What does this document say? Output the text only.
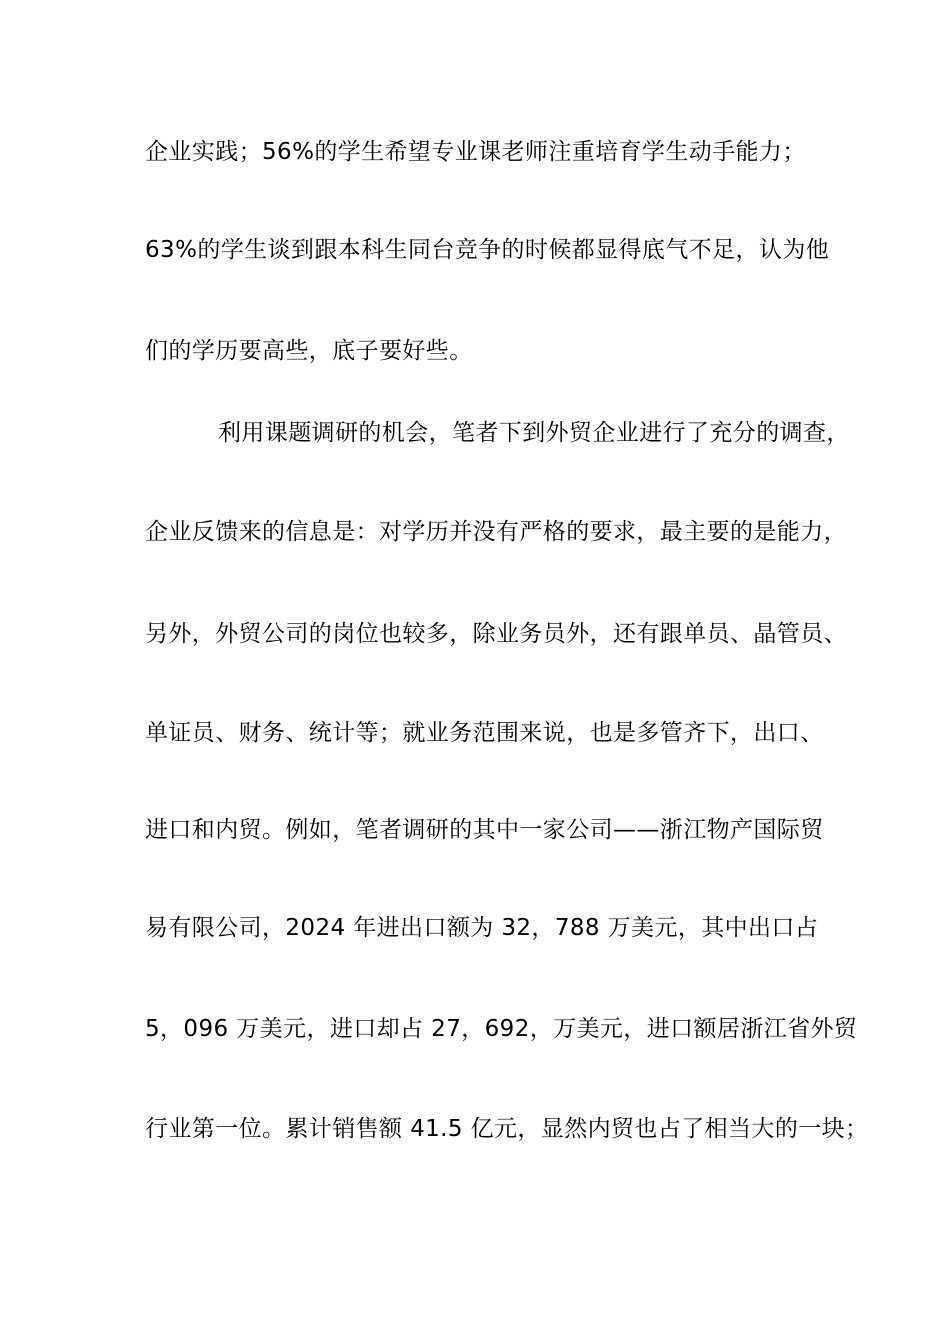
企业实践；56%的学生希望专业课老师注重培育学生动手能力；
63%的学生谈到跟本科生同台竞争的时候都显得底气不足，认为他
们的学历要高些，底子要好些。
利用课题调研的机会，笔者下到外贸企业进行了充分的调查，
企业反馈来的信息是：对学历并没有严格的要求，最主要的是能力，
另外，外贸公司的岗位也较多，除业务员外，还有跟单员、晶管员、
单证员、财务、统计等；就业务范围来说，也是多管齐下，出口、
进口和内贸。例如，笔者调研的其中一家公司——浙江物产国际贸
易有限公司，2024 年进出口额为 32，788 万美元，其中出口占
5，096 万美元，进口却占 27，692，万美元，进口额居浙江省外贸
行业第一位。累计销售额 41.5 亿元，显然内贸也占了相当大的一块；
